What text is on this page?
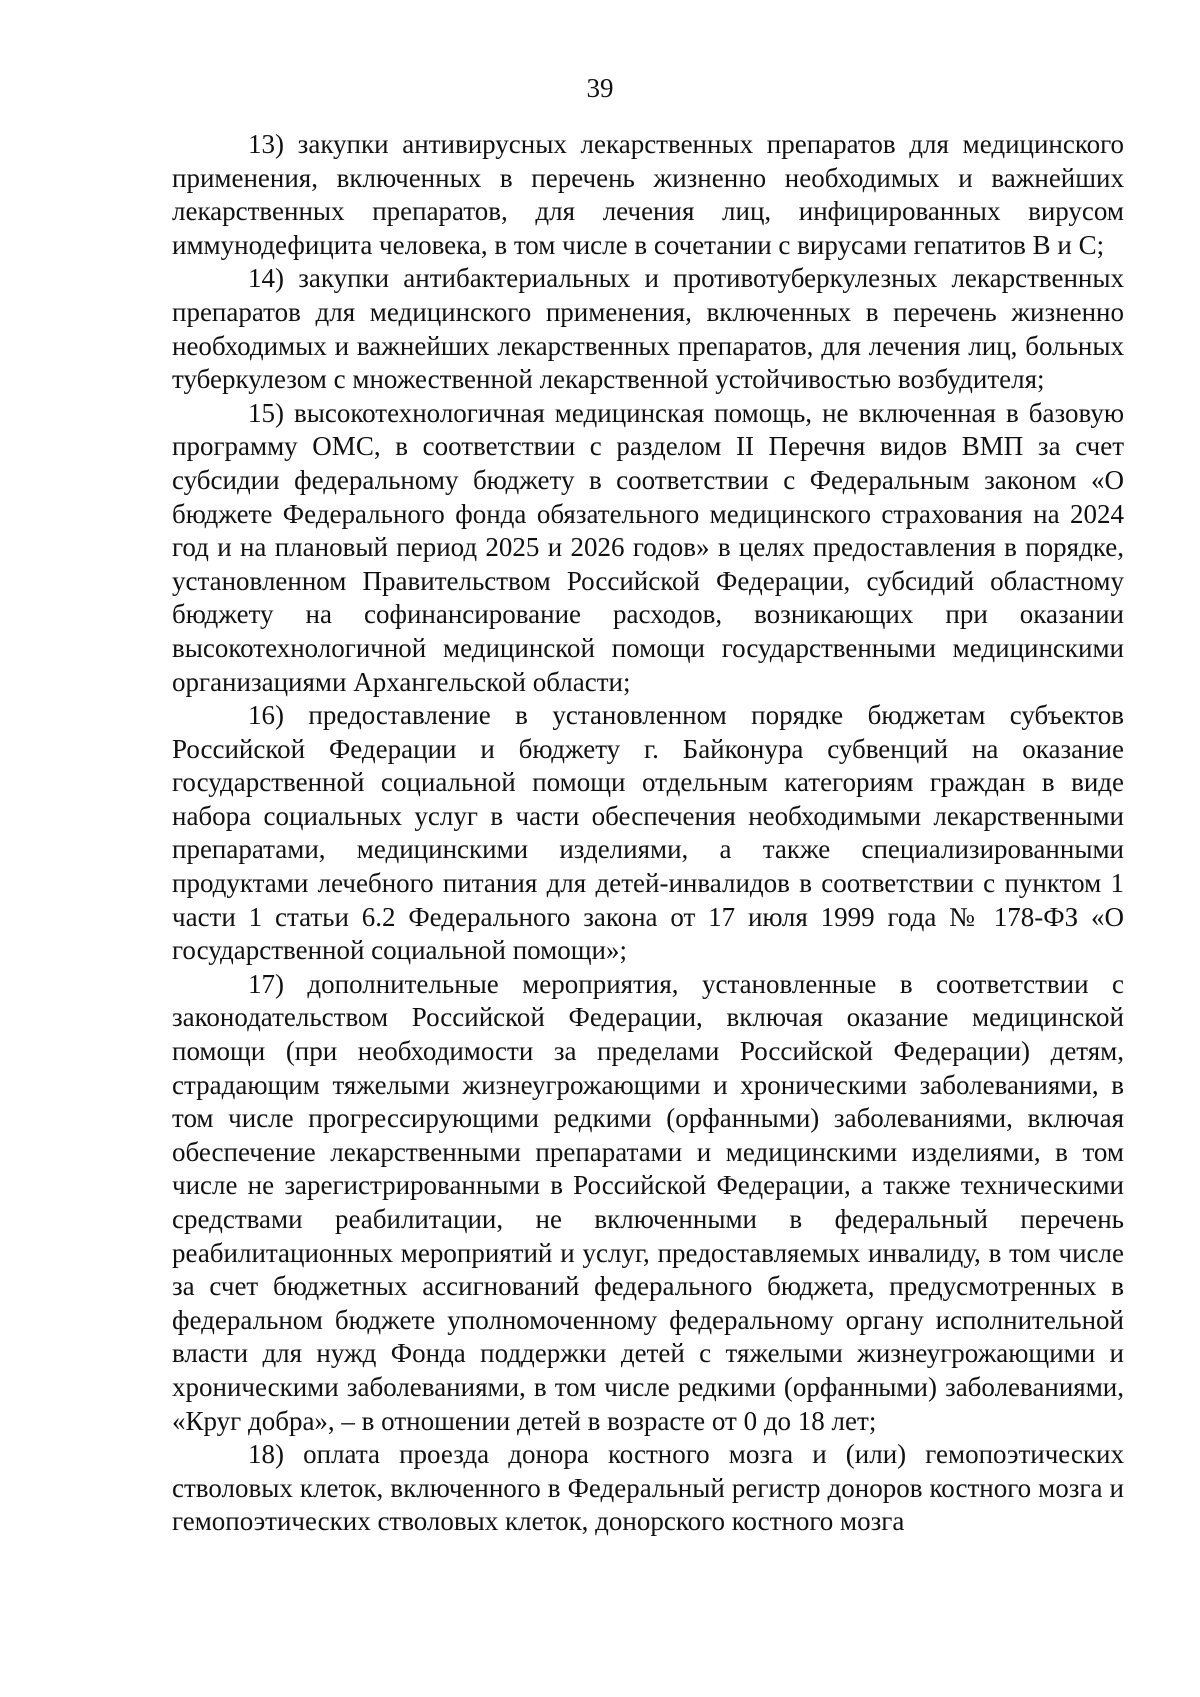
39

13) закупки антивирусных лекарственных препаратов для медицинского применения, включенных в перечень жизненно необходимых и важнейших лекарственных препаратов, для лечения лиц, инфицированных вирусом иммунодефицита человека, в том числе в сочетании с вирусами гепатитов B и C;

14) закупки антибактериальных и противотуберкулезных лекарственных препаратов для медицинского применения, включенных в перечень жизненно необходимых и важнейших лекарственных препаратов, для лечения лиц, больных туберкулезом с множественной лекарственной устойчивостью возбудителя;

15) высокотехнологичная медицинская помощь, не включенная в базовую программу ОМС, в соответствии с разделом II Перечня видов ВМП за счет субсидии федеральному бюджету в соответствии с Федеральным законом «О бюджете Федерального фонда обязательного медицинского страхования на 2024 год и на плановый период 2025 и 2026 годов» в целях предоставления в порядке, установленном Правительством Российской Федерации, субсидий областному бюджету на софинансирование расходов, возникающих при оказании высокотехнологичной медицинской помощи государственными медицинскими организациями Архангельской области;

16) предоставление в установленном порядке бюджетам субъектов Российской Федерации и бюджету г. Байконура субвенций на оказание государственной социальной помощи отдельным категориям граждан в виде набора социальных услуг в части обеспечения необходимыми лекарственными препаратами, медицинскими изделиями, а также специализированными продуктами лечебного питания для детей-инвалидов в соответствии с пунктом 1 части 1 статьи 6.2 Федерального закона от 17 июля 1999 года № 178-ФЗ «О государственной социальной помощи»;

17) дополнительные мероприятия, установленные в соответствии с законодательством Российской Федерации, включая оказание медицинской помощи (при необходимости за пределами Российской Федерации) детям, страдающим тяжелыми жизнеугрожающими и хроническими заболеваниями, в том числе прогрессирующими редкими (орфанными) заболеваниями, включая обеспечение лекарственными препаратами и медицинскими изделиями, в том числе не зарегистрированными в Российской Федерации, а также техническими средствами реабилитации, не включенными в федеральный перечень реабилитационных мероприятий и услуг, предоставляемых инвалиду, в том числе за счет бюджетных ассигнований федерального бюджета, предусмотренных в федеральном бюджете уполномоченному федеральному органу исполнительной власти для нужд Фонда поддержки детей с тяжелыми жизнеугрожающими и хроническими заболеваниями, в том числе редкими (орфанными) заболеваниями, «Круг добра», – в отношении детей в возрасте от 0 до 18 лет;

18) оплата проезда донора костного мозга и (или) гемопоэтических стволовых клеток, включенного в Федеральный регистр доноров костного мозга и гемопоэтических стволовых клеток, донорского костного мозга
